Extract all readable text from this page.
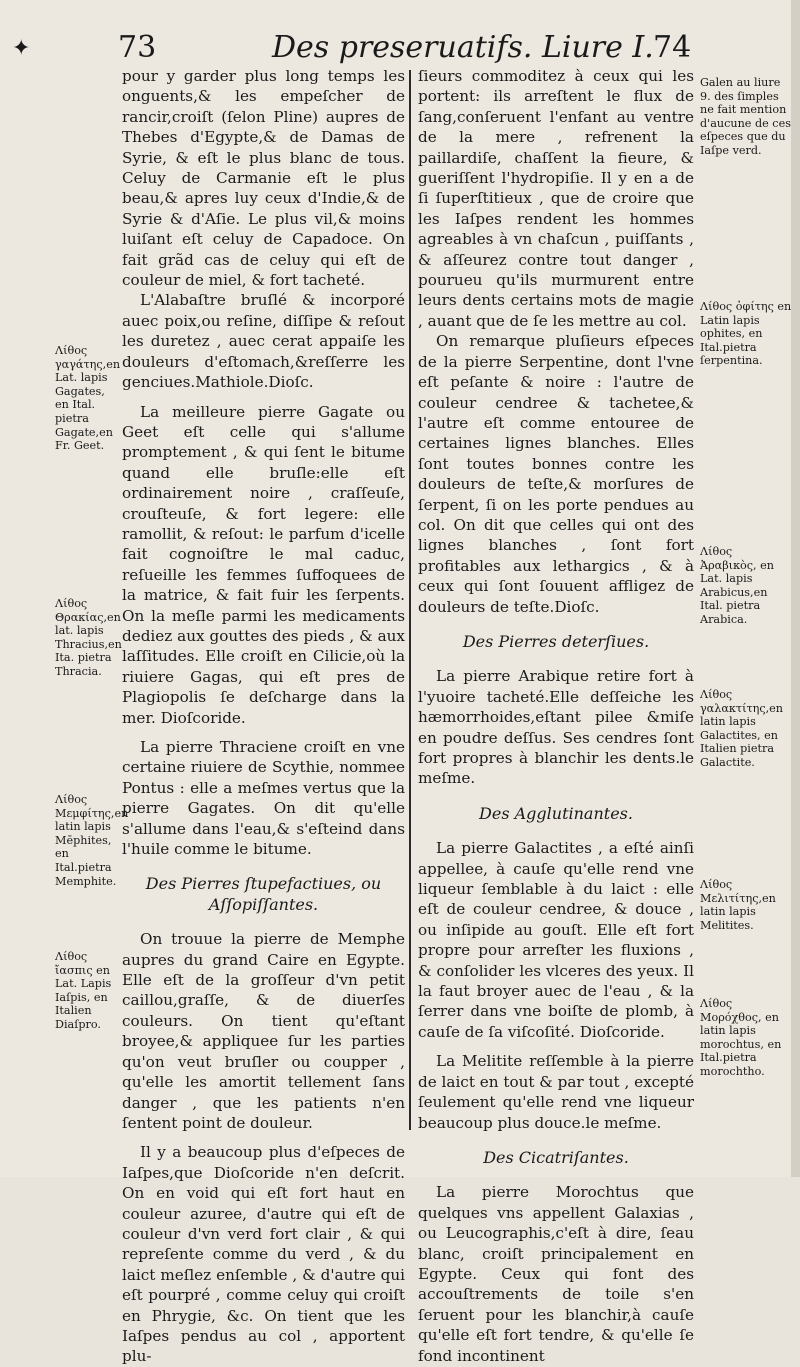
✦	73	Des preseruatifs. Liure I. 74

pour y garder plus long temps les onguents,& les empeſcher de rancir,croiſt (ſelon Pline) aupres de Thebes d'Egypte,& de Damas de Syrie, & eſt le plus blanc de tous. Celuy de Carmanie eſt le plus beau,& apres luy ceux d'Indie,& de Syrie & d'Aſie. Le plus vil,& moins luiſant eſt celuy de Capadoce. On fait grãd cas de celuy qui eſt de couleur de miel, & fort tacheté.

L'Alabaſtre bruſlé & incorporé auec poix,ou reſine, diſſipe & reſout les duretez , auec cerat appaiſe les douleurs d'eſtomach,&reſſerre les genciues.Mathiole.Dioſc.

La meilleure pierre Gagate ou Geet eſt celle qui s'allume promptement , & qui ſent le bitume quand elle bruſle:elle eſt ordinairement noire , craſſeuſe, crouſteuſe, & fort legere: elle ramollit, & reſout: le parfum d'icelle fait cognoiſtre le mal caduc, reſueille les femmes ſuffoquees de la matrice, & fait fuir les ſerpents. On la meſle parmi les medicaments dediez aux gouttes des pieds , & aux laſſitudes. Elle croiſt en Cilicie,où la riuiere Gagas, qui eſt pres de Plagiopolis ſe deſcharge dans la mer. Dioſcoride.

La pierre Thraciene croiſt en vne certaine riuiere de Scythie, nommee Pontus : elle a meſmes vertus que la pierre Gagates. On dit qu'elle s'allume dans l'eau,& s'eſteind dans l'huile comme le bitume.

Des Pierres ſtupefactiues, ou Aſſopiſſantes.

On trouue la pierre de Memphe aupres du grand Caire en Egypte. Elle eſt de la groſſeur d'vn petit caillou,graſſe, & de diuerſes couleurs. On tient qu'eſtant broyee,& appliquee ſur les parties qu'on veut bruſler ou coupper , qu'elle les amortit tellement ſans danger , que les patients n'en ſentent point de douleur.

Il y a beaucoup plus d'eſpeces de Iaſpes,que Dioſcoride n'en deſcrit. On en void qui eſt fort haut en couleur azuree, d'autre qui eſt de couleur d'vn verd fort clair , & qui repreſente comme du verd , & du laict meſlez enſemble , & d'autre qui eſt pourpré , comme celuy qui croiſt en Phrygie, &c. On tient que les Iaſpes pendus au col , apportent plu-

ſieurs commoditez à ceux qui les portent: ils arreſtent le flux de ſang,conſeruent l'enfant au ventre de la mere , refrenent la paillardiſe, chaſſent la fieure, & gueriſſent l'hydropiſie. Il y en a de ſi ſuperſtitieux , que de croire que les Iaſpes rendent les hommes agreables à vn chaſcun , puiſſants , & aſſeurez contre tout danger , pourueu qu'ils murmurent entre leurs dents certains mots de magie , auant que de ſe les mettre au col.

On remarque pluſieurs eſpeces de la pierre Serpentine, dont l'vne eſt peſante & noire : l'autre de couleur cendree & tachetee,& l'autre eſt comme entouree de certaines lignes blanches. Elles ſont toutes bonnes contre les douleurs de teſte,& morſures de ſerpent, ſi on les porte pendues au col. On dit que celles qui ont des lignes blanches , ſont fort profitables aux lethargics , & à ceux qui ſont ſouuent affligez de douleurs de teſte.Dioſc.

Des Pierres deterſiues.

La pierre Arabique retire fort à l'yuoire tacheté.Elle deſſeiche les hæmorrhoides,eſtant pilee &miſe en poudre deſſus. Ses cendres ſont fort propres à blanchir les dents.le meſme.

Des Agglutinantes.

La pierre Galactites , a eſté ainſi appellee, à cauſe qu'elle rend vne liqueur ſemblable à du laict : elle eſt de couleur cendree, & douce , ou inſipide au gouſt. Elle eſt fort propre pour arreſter les fluxions , & conſolider les vlceres des yeux. Il la faut broyer auec de l'eau , & la ſerrer dans vne boiſte de plomb, à cauſe de ſa viſcoſité. Dioſcoride.

La Melitite reſſemble à la pierre de laict en tout & par tout , excepté ſeulement qu'elle rend vne liqueur beaucoup plus douce.le meſme.

Des Cicatriſantes.

La pierre Morochtus que quelques vns appellent Galaxias , ou Leucographis,c'eſt à dire, ſeau blanc, croiſt principalement en Egypte. Ceux qui font des accouſtrements de toile s'en ſeruent pour les blanchir,à cauſe qu'elle eſt fort tendre, & qu'elle ſe fond incontinent

Λίθος γαγάτης,en Lat. lapis Gagates, en Ital. pietra Gagate,en Fr. Geet.
Λίθος Θρακίας,en lat. lapis Thracius,en Ita. pietra Thracia.
Λίθος Μεμφίτης,en latin lapis Mēphites, en Ital.pietra Memphite.
Λίθος ἴασπις en Lat. Lapis Iaſpis, en Italien Diaſpro.
Galen au liure 9. des ſimples ne fait mention d'aucune de ces eſpeces que du Iaſpe verd.
Λίθος ὀφίτης en Latin lapis ophites, en Ital.pietra ſerpentina.
Λίθος Ἀραβικὸς, en Lat. lapis Arabicus,en Ital. pietra Arabica.
Λίθος γαλακτίτης,en latin lapis Galactites, en Italien pietra Galactite.
Λίθος Μελιτίτης,en latin lapis Melitites.
Λίθος Μορόχθος, en latin lapis morochtus, en Ital.pietra morochtho.
